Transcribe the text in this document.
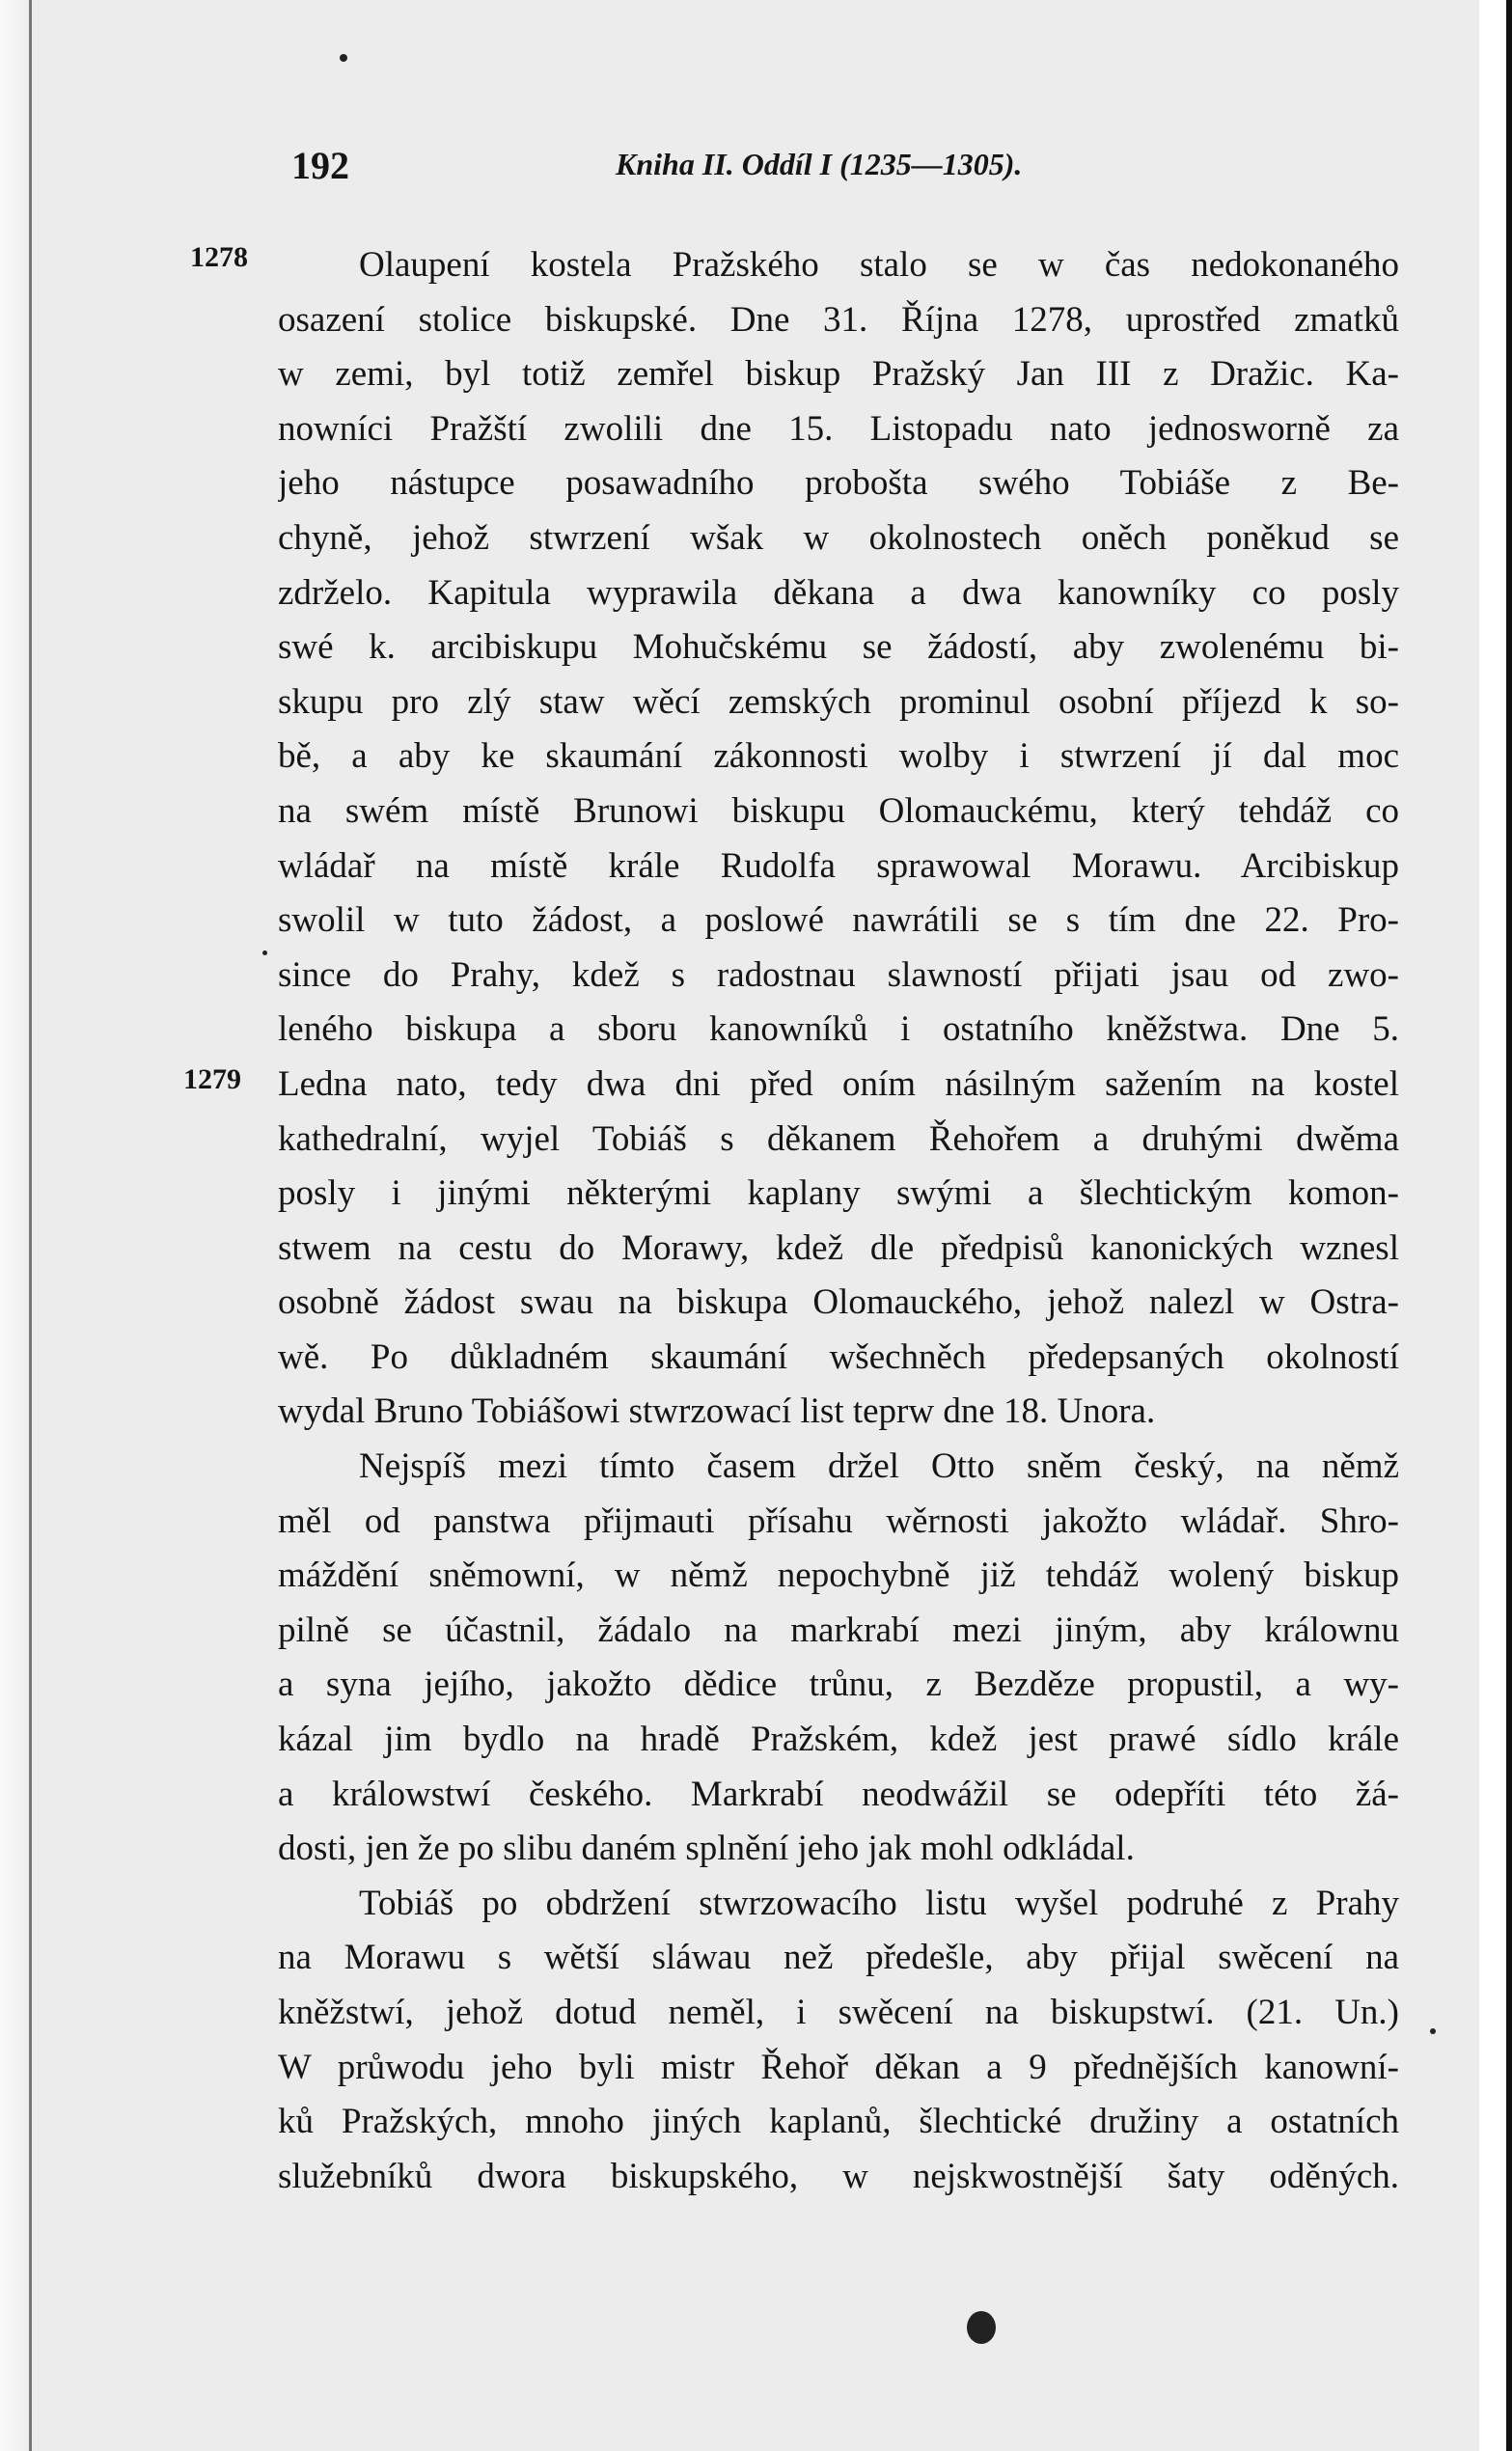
192	Kniha II. Oddíl I (1235—1305).
1278
1279
Olaupení kostela Pražského stalo se w čas nedokonaného
osazení stolice biskupské. Dne 31. Října 1278, uprostřed zmatků
w zemi, byl totiž zemřel biskup Pražský Jan III z Dražic. Ka-
nowníci Pražští zwolili dne 15. Listopadu nato jednosworně za
jeho nástupce posawadního probošta swého Tobiáše z Be-
chyně, jehož stwrzení wšak w okolnostech oněch poněkud se
zdrželo. Kapitula wyprawila děkana a dwa kanowníky co posly
swé k. arcibiskupu Mohučskému se žádostí, aby zwolenému bi-
skupu pro zlý staw wěcí zemských prominul osobní příjezd k so-
bě, a aby ke skaumání zákonnosti wolby i stwrzení jí dal moc
na swém místě Brunowi biskupu Olomauckému, který tehdáž co
wládař na místě krále Rudolfa sprawowal Morawu. Arcibiskup
swolil w tuto žádost, a poslowé nawrátili se s tím dne 22. Pro-
since do Prahy, kdež s radostnau slawností přijati jsau od zwo-
leného biskupa a sboru kanowníků i ostatního kněžstwa. Dne 5.
Ledna nato, tedy dwa dni před oním násilným sažením na kostel
kathedralní, wyjel Tobiáš s děkanem Řehořem a druhými dwěma
posly i jinými některými kaplany swými a šlechtickým komon-
stwem na cestu do Morawy, kdež dle předpisů kanonických wznesl
osobně žádost swau na biskupa Olomauckého, jehož nalezl w Ostra-
wě. Po důkladném skaumání wšechněch předepsaných okolností
wydal Bruno Tobiášowi stwrzowací list teprw dne 18. Unora.
Nejspíš mezi tímto časem držel Otto sněm český, na němž
měl od panstwa přijmauti přísahu wěrnosti jakožto wládař. Shro-
máždění sněmowní, w němž nepochybně již tehdáž wolený biskup
pilně se účastnil, žádalo na markrabí mezi jiným, aby králownu
a syna jejího, jakožto dědice trůnu, z Bezděze propustil, a wy-
kázal jim bydlo na hradě Pražském, kdež jest prawé sídlo krále
a králowstwí českého. Markrabí neodwážil se odepříti této žá-
dosti, jen že po slibu daném splnění jeho jak mohl odkládal.
Tobiáš po obdržení stwrzowacího listu wyšel podruhé z Prahy
na Morawu s wětší sláwau než předešle, aby přijal swěcení na
kněžstwí, jehož dotud neměl, i swěcení na biskupstwí. (21. Un.)
W průwodu jeho byli mistr Řehoř děkan a 9 přednějších kanowní-
ků Pražských, mnoho jiných kaplanů, šlechtické družiny a ostatních
služebníků dwora biskupského, w nejskwostnější šaty oděných.
